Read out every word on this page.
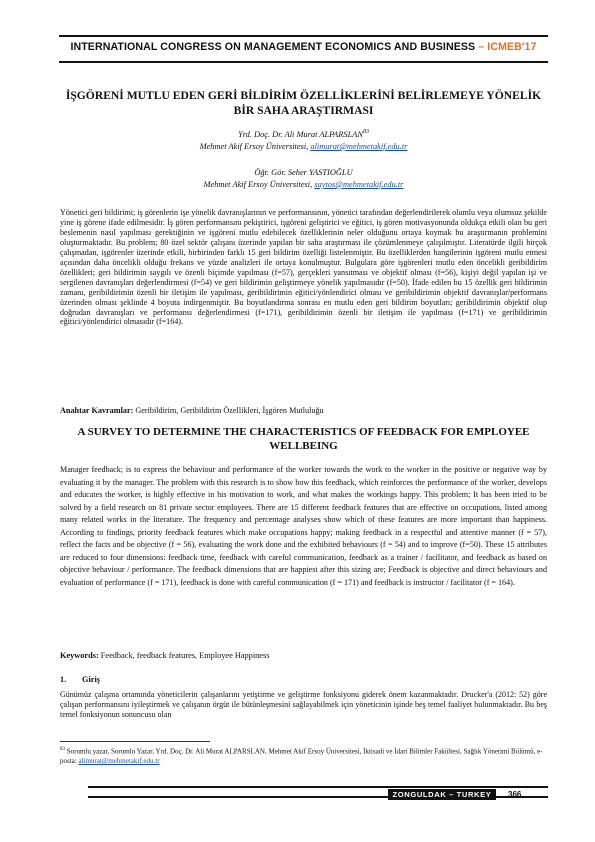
INTERNATIONAL CONGRESS ON MANAGEMENT ECONOMICS AND BUSINESS – ICMEB'17
İŞGÖRENİ MUTLU EDEN GERİ BİLDİRİM ÖZELLİKLERİNİ BELİRLEMEYE YÖNELİK BİR SAHA ARAŞTIRMASI
Yrd. Doç. Dr. Ali Murat ALPARSLAN$^{83}$
Mehmet Akif Ersoy Üniversitesi, alimurat@mehmetakif.edu.tr
Öğr. Gör. Seher YASTIOĞLU
Mehmet Akif Ersoy Üniversitesi, saytos@mehmetakif.edu.tr
Yönetici geri bildirimi; iş görenlerin işe yönelik davranışlarının ve performansının, yönetici tarafından değerlendirilerek olumlu veya olumsuz şekilde yine iş görene ifade edilmesidir. İş gören performansını pekiştirici, işgöreni geliştirici ve eğitici, iş gören motivasyonunda oldukça etkili olan bu geri beslemenin nasıl yapılması gerektiğinin ve işgöreni mutlu edebilecek özelliklerinin neler olduğunu ortaya koymak bu araştırmanın problemini oluşturmaktadır. Bu problem; 80 özel sektör çalışanı üzerinde yapılan bir saha araştırması ile çözümlenmeye çalışılmıştır. Literatürde ilgili birçok çalışmadan, işgörenler üzerinde etkili, birbirinden farklı 15 geri bildirim özelliği listelenmiştir. Bu özelliklerden hangilerinin işgöreni mutlu etmesi açısından daha öncelikli olduğu frekans ve yüzde analizleri ile ortaya konulmuştur. Bulgulara göre işgörenleri mutlu eden öncelikli geribildirim özellikleri; geri bildirimin saygılı ve özenli biçimde yapılması (f=57), gerçekleri yansıtması ve objektif olması (f=56), kişiyi değil yapılan işi ve sergilenen davranışları değerlendirmesi (f=54) ve geri bildirimin geliştirmeye yönelik yapılmasıdır (f=50). İfade edilen bu 15 özellik geri bildirimin zamanı, geribildirimin özenli bir iletişim ile yapılması, geribildirimin eğitici/yönlendirici olması ve geribildirimin objektif davranışlar/performans üzerinden olması şeklinde 4 boyuta indirgenmiştir. Bu boyutlandırma sonrası en mutlu eden geri bildirim boyutları; geribildirimin objektif olup doğrudan davranışları ve performansı değerlendirmesi (f=171), geribildirimin özenli bir iletişim ile yapılması (f=171) ve geribildirimin eğitici/yönlendirici olmasıdır (f=164).
Anahtar Kavramlar: Geribildirim, Geribildirim Özellikleri, İşgören Mutluluğu
A SURVEY TO DETERMINE THE CHARACTERISTICS OF FEEDBACK FOR EMPLOYEE WELLBEING
Manager feedback; is to express the behaviour and performance of the worker towards the work to the worker in the positive or negative way by evaluating it by the manager. The problem with this research is to show how this feedback, which reinforces the performance of the worker, develops and educates the worker, is highly effective in his motivation to work, and what makes the workings happy. This problem; It has been tried to be solved by a field research on 81 private sector employees. There are 15 different feedback features that are effective on occupations, listed among many related works in the literature. The frequency and percentage analyses show which of these features are more important than happiness. According to findings, priority feedback features which make occupations happy; making feedback in a respectful and attentive manner (f = 57), reflect the facts and be objective (f = 56), evaluating the work done and the exhibited behaviours (f = 54) and to improve (f=50). These 15 attributes are reduced to four dimensions: feedback time, feedback with careful communication, feedback as a trainer / facilitator, and feedback as based on objective behaviour / performance. The feedback dimensions that are happiest after this sizing are; Feedback is objective and direct behaviours and evaluation of performance (f = 171), feedback is done with careful communication (f = 171) and feedback is instructor / facilitator (f = 164).
Keywords: Feedback, feedback features, Employee Happiness
1. Giriş
Günümüz çalışma ortamında yöneticilerin çalışanlarını yetiştirme ve geliştirme fonksiyonu giderek önem kazanmaktadır. Drucker'a (2012: 52) göre çalışan performansını iyileştirmek ve çalışanın örgüt ile bütünleşmesini sağlayabilmek için yöneticinin işinde beş temel faaliyet bulunmaktadır. Bu beş temel fonksiyonun sonuncusu olan
$^{83}$ Sorumlu yazar, Sorumlu Yazar, Yrd. Doç. Dr. Ali Murat ALPARSLAN, Mehmet Akif Ersoy Üniversitesi, İktisadi ve İdari Bilimler Fakültesi, Sağlık Yönetimi Bölümü, e-posta: alimurat@mehmetakif.edu.tr
ZONGULDAK – TURKEY	366
